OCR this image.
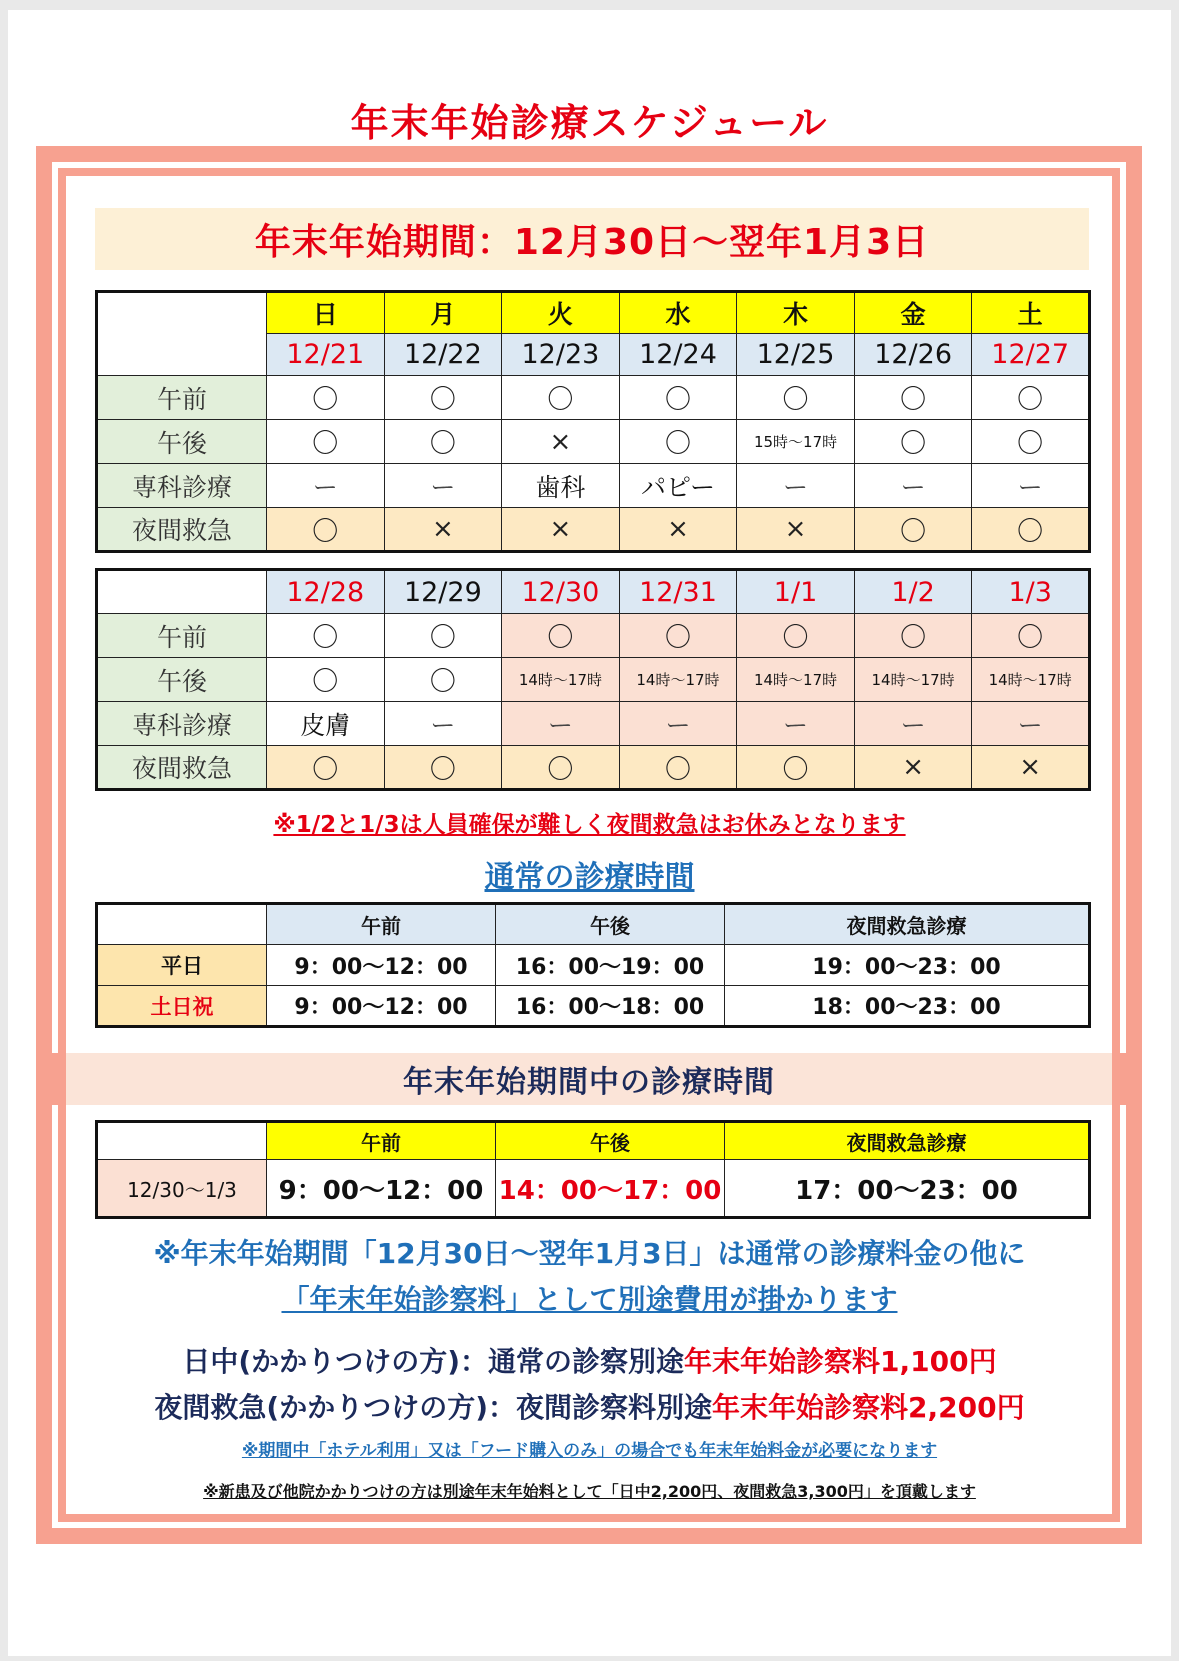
年末年始診療スケジュール
年末年始期間：12月30日～翌年1月3日
	日	月	火	水	木	金	土
	12/21	12/22	12/23	12/24	12/25	12/26	12/27
午前	〇	〇	〇	〇	〇	〇	〇
午後	〇	〇	×	〇	15時～17時	〇	〇
専科診療	ー	ー	歯科	パピー	ー	ー	ー
夜間救急	〇	×	×	×	×	〇	〇
	12/28	12/29	12/30	12/31	1/1	1/2	1/3
午前	〇	〇	〇	〇	〇	〇	〇
午後	〇	〇	14時～17時	14時～17時	14時～17時	14時～17時	14時～17時
専科診療	皮膚	ー	ー	ー	ー	ー	ー
夜間救急	〇	〇	〇	〇	〇	×	×
※1/2と1/3は人員確保が難しく夜間救急はお休みとなります
通常の診療時間
	午前	午後	夜間救急診療
平日	9：00～12：00	16：00～19：00	19：00～23：00
土日祝	9：00～12：00	16：00～18：00	18：00～23：00
年末年始期間中の診療時間
	午前	午後	夜間救急診療
12/30～1/3	9：00～12：00	14：00～17：00	17：00～23：00
※年末年始期間「12月30日～翌年1月3日」は通常の診療料金の他に
「年末年始診察料」として別途費用が掛かります
日中(かかりつけの方)：通常の診察別途年末年始診察料1,100円
夜間救急(かかりつけの方)：夜間診察料別途年末年始診察料2,200円
※期間中「ホテル利用」又は「フード購入のみ」の場合でも年末年始料金が必要になります
※新患及び他院かかりつけの方は別途年末年始料として「日中2,200円、夜間救急3,300円」を頂戴します
